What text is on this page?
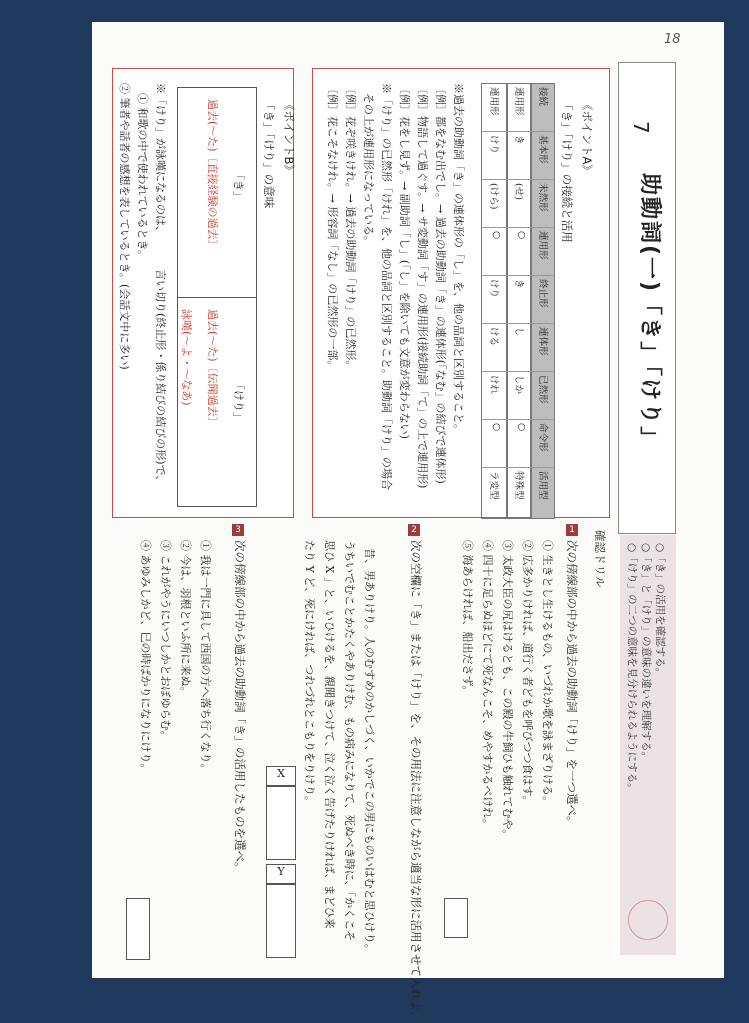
18
7
助動詞(一)「き」「けり」
○「き」の活用を確認する。
○「き」と「けり」の意味の違いを理解する。
○「けり」の二つの意味を見分けられるようにする。
《ポイントA》
「き」「けり」の接続と活用
※過去の助動詞「き」の連体形の「し」を、他の品詞と区別すること。
〔例〕都をなむ出でし。→ 過去の助動詞「き」の連体形(「なむ」の結びで連体形)
〔例〕物語して過ぐす。→ サ変動詞「す」の連用形(接続助詞「て」の上で連用形)
〔例〕花をし見ず。→ 副助詞「し」(「し」を除いても文意が変わらない)
※「けり」の已然形「けれ」を、他の品詞と区別すること。助動詞「けり」の場合
その上が連用形になっている。
〔例〕花ぞ咲きけれ。→ 過去の助動詞「けり」の已然形。
〔例〕花こそなけれ。→ 形容詞「なし」の已然形の一部。	接続
基本形
未然形
連用形
終止形
連体形
已然形
命令形
活用型
連用形
き
(せ)
○
き
し
しか
○
特殊型
連用形
けり
(けら)
○
けり
ける
けれ
○
ラ変型
《ポイントB》
「き」「けり」の意味
「き」
「けり」
過去(〜た)〔直接経験の過去〕
過去(〜た)〔伝聞過去〕
詠嘆(〜よ・〜なあ)
※「けり」が詠嘆になるのは、
言い切り(終止形・係り結びの結びの形)で、
① 和歌の中で使われているとき。
② 筆者や話者の感想を表しているとき。(会話文中に多い)
確認ドリル
1
次の傍線部の中から過去の助動詞「けり」を一つ選べ。
① 生きとし生けるもの、いづれか歌を詠まざりける。
② 広多かりければ、道行く者どもを呼びつつ食はす。
③ 太政大臣の尻はけるとも、この殿の牛飼ひも触れてむや。
④ 四十に足らぬほどにて死なんこそ、めやすかるべけれ。
⑤ 海あらければ、船出ださず。
2
次の空欄に「き」または「けり」を、その用法に注意しながら適当な形に活用させて入れよ。
昔、男ありけり。人のむすめのかしづく、いかでこの男にものいはむと思ひけり。
うちいでむことかたくやありけむ、もの病みになりて、死ぬべき時に、「かくこそ
思ひ X 」と、いひけるを、親聞きつけて、泣く泣く告げたりければ、まどひ来
たり Y ど、死にければ、つれづれとこもりをりけり。
X
Y
3
次の傍線部の中から過去の助動詞「き」の活用したものを選べ。
① 我は一門に具して西国の方へ落ち行くなり。
② 今は、羽根といふ所に来ぬ。
③ これがやうにいつしかとおぼゆらむ。
④ あゆみしかど、巳の時ばかりになりにけり。
